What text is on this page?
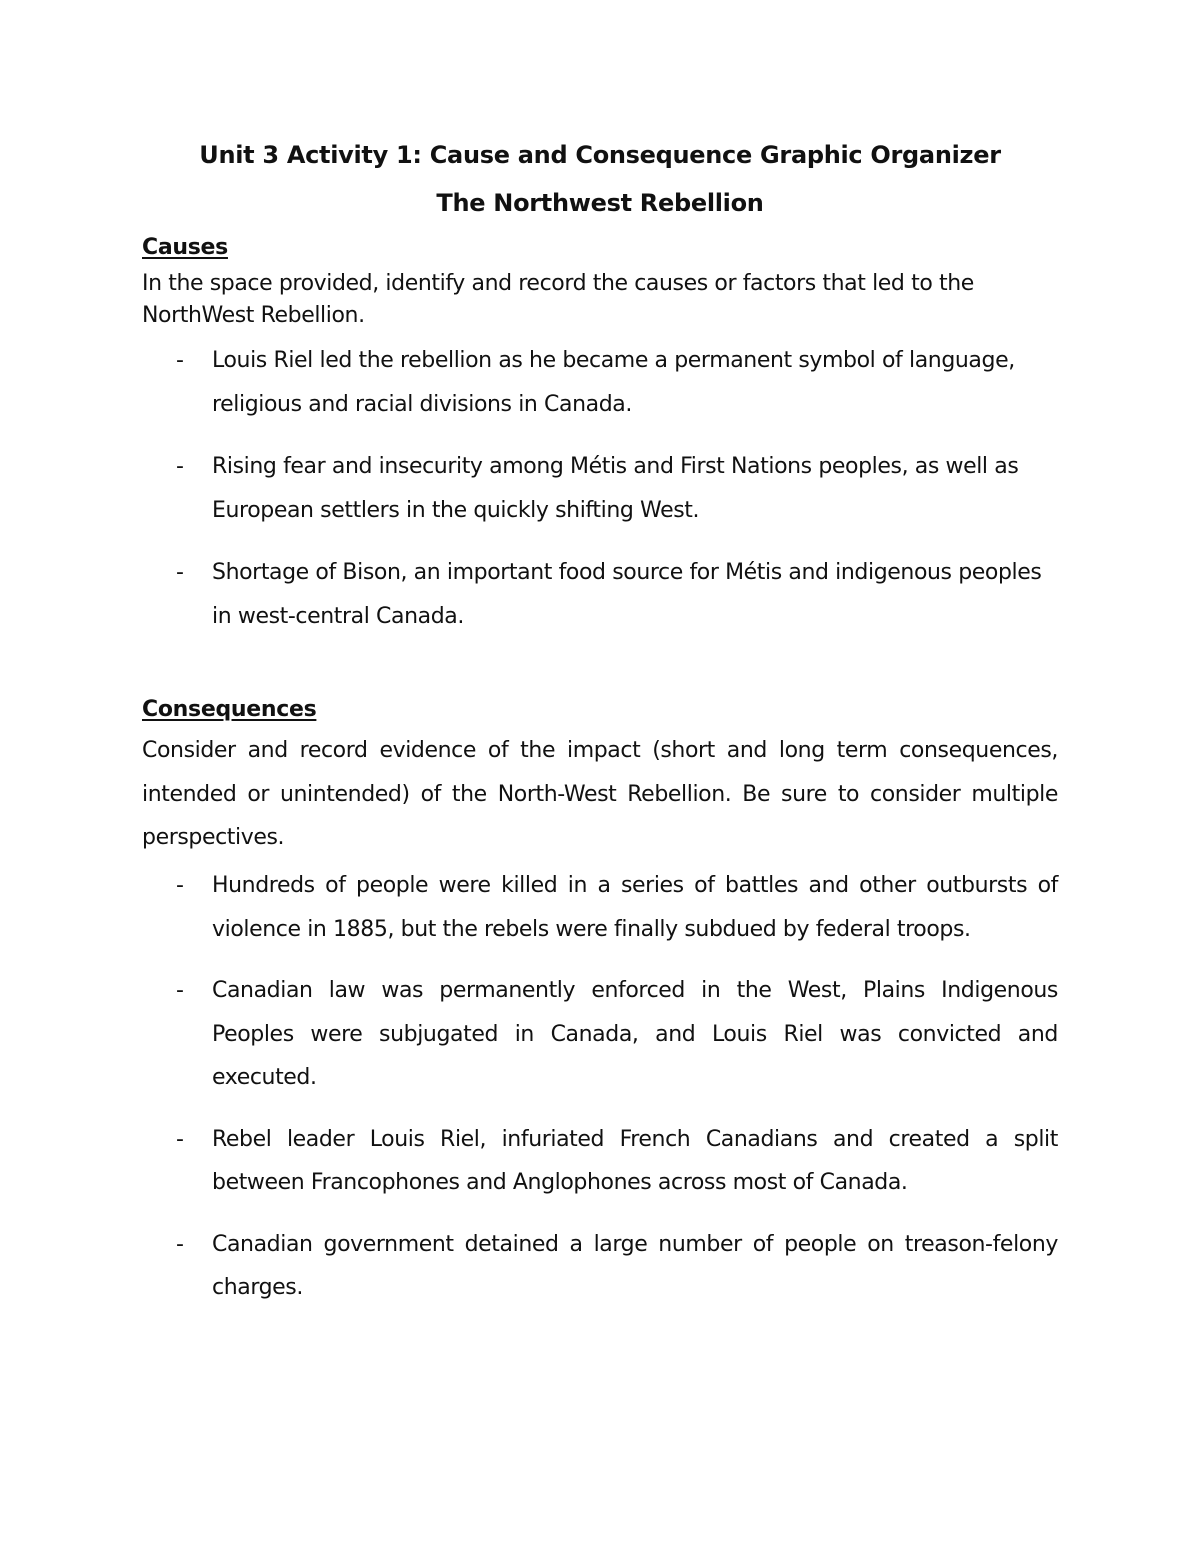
Unit 3 Activity 1: Cause and Consequence Graphic Organizer
The Northwest Rebellion
Causes

In the space provided, identify and record the causes or factors that led to the NorthWest Rebellion.

- Louis Riel led the rebellion as he became a permanent symbol of language, religious and racial divisions in Canada.
- Rising fear and insecurity among Métis and First Nations peoples, as well as European settlers in the quickly shifting West.
- Shortage of Bison, an important food source for Métis and indigenous peoples in west-central Canada.
Consequences

Consider and record evidence of the impact (short and long term consequences, intended or unintended) of the North-West Rebellion. Be sure to consider multiple perspectives.

- Hundreds of people were killed in a series of battles and other outbursts of violence in 1885, but the rebels were finally subdued by federal troops.
- Canadian law was permanently enforced in the West, Plains Indigenous Peoples were subjugated in Canada, and Louis Riel was convicted and executed.
- Rebel leader Louis Riel, infuriated French Canadians and created a split between Francophones and Anglophones across most of Canada.
- Canadian government detained a large number of people on treason-felony charges.
